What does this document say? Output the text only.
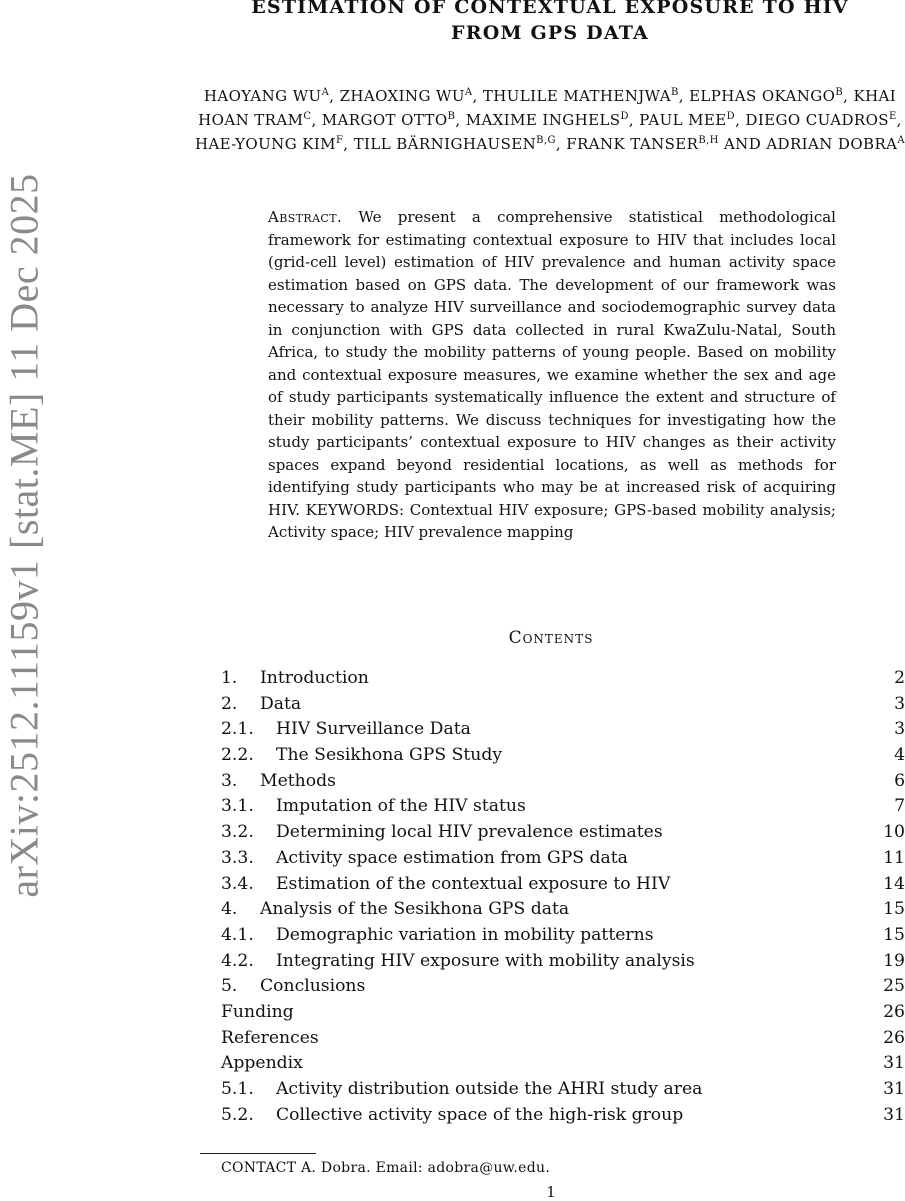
arXiv:2512.11159v1 [stat.ME] 11 Dec 2025
ESTIMATION OF CONTEXTUAL EXPOSURE TO HIV
FROM GPS DATA
HAOYANG $WU^A$, ZHAOXING $WU^A$, THULILE $MATHENJWA^B$, ELPHAS $OKANGO^B$, KHAI HOAN $TRAM^C$, MARGOT $OTTO^B$, MAXIME $INGHELS^D$, PAUL $MEE^D$, DIEGO $CUADROS^E$, HAE-YOUNG $KIM^F$, TILL $BÄRNIGHAUSEN^{B,G}$, FRANK $TANSER^{B,H}$ AND ADRIAN $DOBRA^A$
Abstract. We present a comprehensive statistical methodological framework for estimating contextual exposure to HIV that includes local (grid-cell level) estimation of HIV prevalence and human activity space estimation based on GPS data. The development of our framework was necessary to analyze HIV surveillance and sociodemographic survey data in conjunction with GPS data collected in rural KwaZulu-Natal, South Africa, to study the mobility patterns of young people. Based on mobility and contextual exposure measures, we examine whether the sex and age of study participants systematically influence the extent and structure of their mobility patterns. We discuss techniques for investigating how the study participants’ contextual exposure to HIV changes as their activity spaces expand beyond residential locations, as well as methods for identifying study participants who may be at increased risk of acquiring HIV. KEYWORDS: Contextual HIV exposure; GPS-based mobility analysis; Activity space; HIV prevalence mapping
Contents
1.	Introduction	2
2.	Data	3
2.1.	HIV Surveillance Data	3
2.2.	The Sesikhona GPS Study	4
3.	Methods	6
3.1.	Imputation of the HIV status	7
3.2.	Determining local HIV prevalence estimates	10
3.3.	Activity space estimation from GPS data	11
3.4.	Estimation of the contextual exposure to HIV	14
4.	Analysis of the Sesikhona GPS data	15
4.1.	Demographic variation in mobility patterns	15
4.2.	Integrating HIV exposure with mobility analysis	19
5.	Conclusions	25
Funding	26
References	26
Appendix	31
5.1.	Activity distribution outside the AHRI study area	31
5.2.	Collective activity space of the high-risk group	31
CONTACT A. Dobra. Email: adobra@uw.edu.
1
